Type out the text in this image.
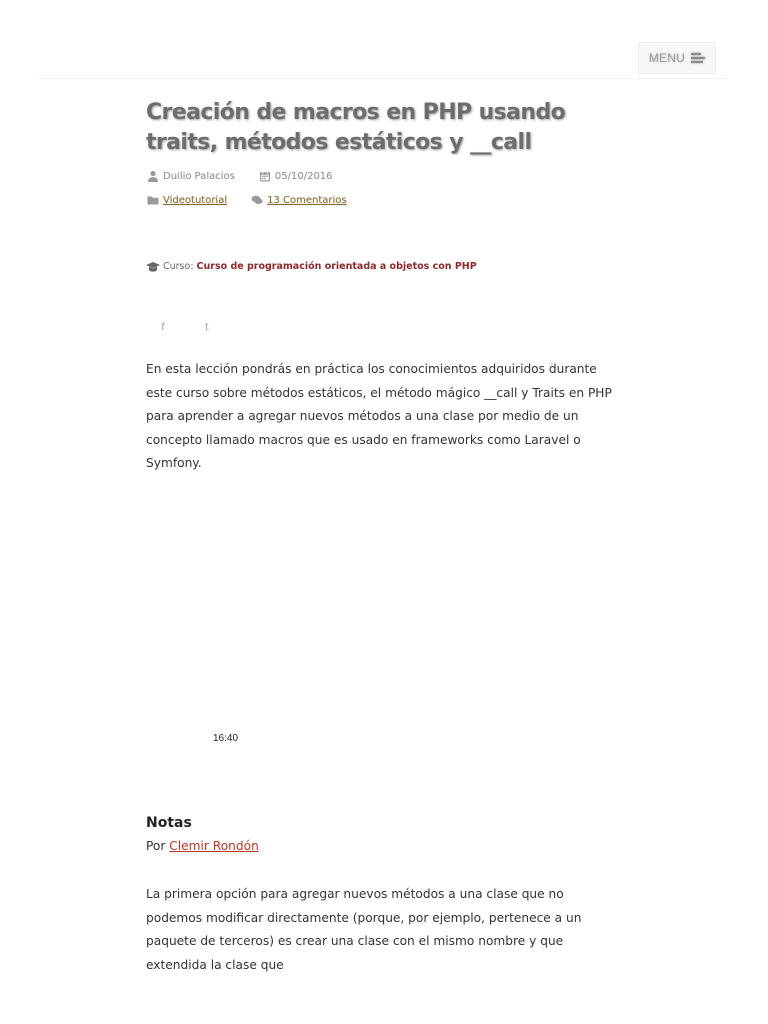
MENU
Creación de macros en PHP usando traits, métodos estáticos y __call
Duilio Palacios	05/10/2016
Videotutorial	13 Comentarios
Curso: Curso de programación orientada a objetos con PHP
f	t

En esta lección pondrás en práctica los conocimientos adquiridos durante este curso sobre métodos estáticos, el método mágico __call y Traits en PHP para aprender a agregar nuevos métodos a una clase por medio de un concepto llamado macros que es usado en frameworks como Laravel o Symfony.

16:40
Notas
Por Clemir Rondón

La primera opción para agregar nuevos métodos a una clase que no podemos modificar directamente (porque, por ejemplo, pertenece a un paquete de terceros) es crear una clase con el mismo nombre y que extendida la clase que
